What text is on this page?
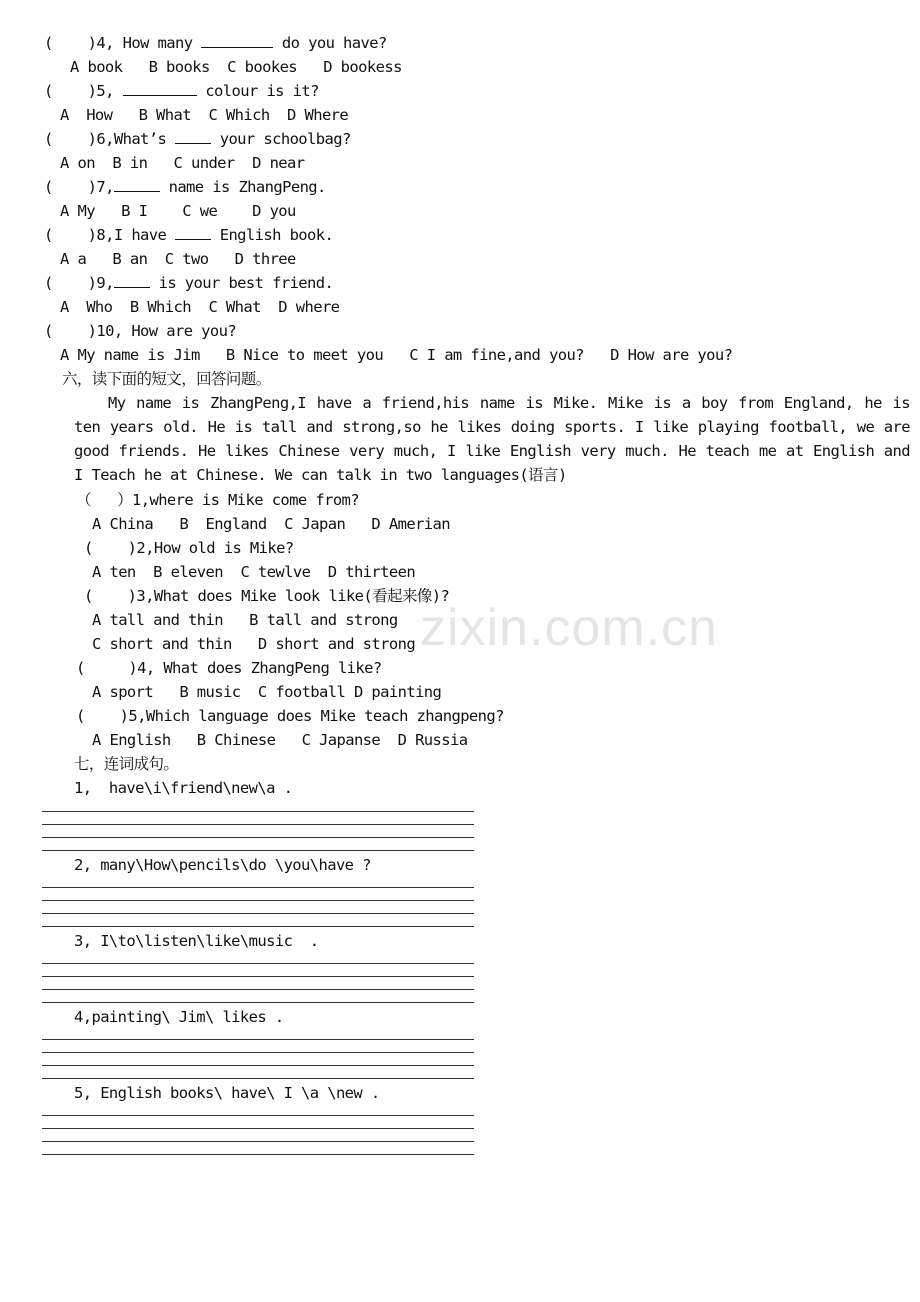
(    )4, How many	do you have?
A book   B books  C bookes   D bookess
(    )5,	colour is it?
A  How   B What  C Which  D Where
(    )6,What’s  your schoolbag?
A on  B in   C under  D near
(    )7,	name is ZhangPeng.
A My   B I    C we    D you
(    )8,I have  English book.
A a   B an  C two   D three
(    )9, is your best friend.
A  Who  B Which  C What  D where
(    )10, How are you?
A My name is Jim   B Nice to meet you   C I am fine,and you?   D How are you?
六，读下面的短文，回答问题。
My name is ZhangPeng,I have a friend,his name is Mike. Mike is a boy from England, he is ten years old. He is tall and strong,so he likes doing sports. I like playing football, we are good friends. He likes Chinese very much, I like English very much. He teach me at English and I Teach he at Chinese. We can talk in two languages(语言)
（   ）1,where is Mike come from?
A China   B  England  C Japan   D Amerian
(    )2,How old is Mike?
A ten  B eleven  C tewlve  D thirteen
(    )3,What does Mike look like(看起来像)?
A tall and thin   B tall and strong
C short and thin   D short and strong
(     )4, What does ZhangPeng like?
A sport   B music  C football D painting
(    )5,Which language does Mike teach zhangpeng?
A English   B Chinese   C Japanse  D Russia
七，连词成句。
1,  have\i\friend\new\a .
2, many\How\pencils\do \you\have ?
3, I\to\listen\like\music  .
4,painting\ Jim\ likes .
5, English books\ have\ I \a \new .
zixin.com.cn
